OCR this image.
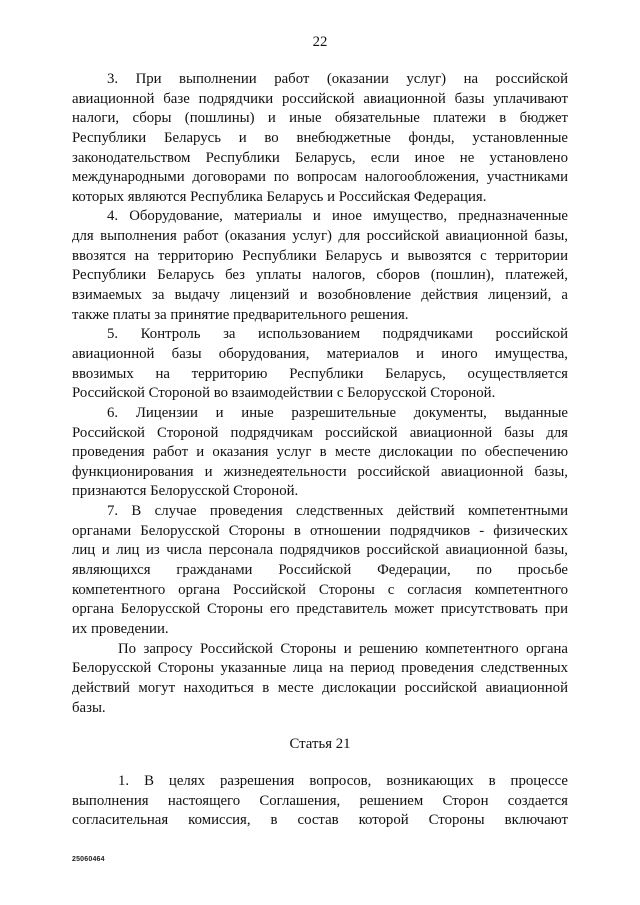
22
3. При выполнении работ (оказании услуг) на российской
авиационной базе подрядчики российской авиационной базы уплачивают
налоги, сборы (пошлины) и иные обязательные платежи в бюджет
Республики Беларусь и во внебюджетные фонды, установленные
законодательством Республики Беларусь, если иное не установлено
международными договорами по вопросам налогообложения, участниками
которых являются Республика Беларусь и Российская Федерация.
4. Оборудование, материалы и иное имущество, предназначенные
для выполнения работ (оказания услуг) для российской авиационной базы,
ввозятся на территорию Республики Беларусь и вывозятся с территории
Республики Беларусь без уплаты налогов, сборов (пошлин), платежей,
взимаемых за выдачу лицензий и возобновление действия лицензий, а
также платы за принятие предварительного решения.
5. Контроль за использованием подрядчиками российской
авиационной базы оборудования, материалов и иного имущества,
ввозимых на территорию Республики Беларусь, осуществляется
Российской Стороной во взаимодействии с Белорусской Стороной.
6. Лицензии и иные разрешительные документы, выданные
Российской Стороной подрядчикам российской авиационной базы для
проведения работ и оказания услуг в месте дислокации по обеспечению
функционирования и жизнедеятельности российской авиационной базы,
признаются Белорусской Стороной.
7. В случае проведения следственных действий компетентными
органами Белорусской Стороны в отношении подрядчиков - физических
лиц и лиц из числа персонала подрядчиков российской авиационной базы,
являющихся гражданами Российской Федерации, по просьбе
компетентного органа Российской Стороны с согласия компетентного
органа Белорусской Стороны его представитель может присутствовать при
их проведении.
По запросу Российской Стороны и решению компетентного органа
Белорусской Стороны указанные лица на период проведения следственных
действий могут находиться в месте дислокации российской авиационной
базы.
Статья 21
1. В целях разрешения вопросов, возникающих в процессе
выполнения настоящего Соглашения, решением Сторон создается
согласительная комиссия, в состав которой Стороны включают
25060464
